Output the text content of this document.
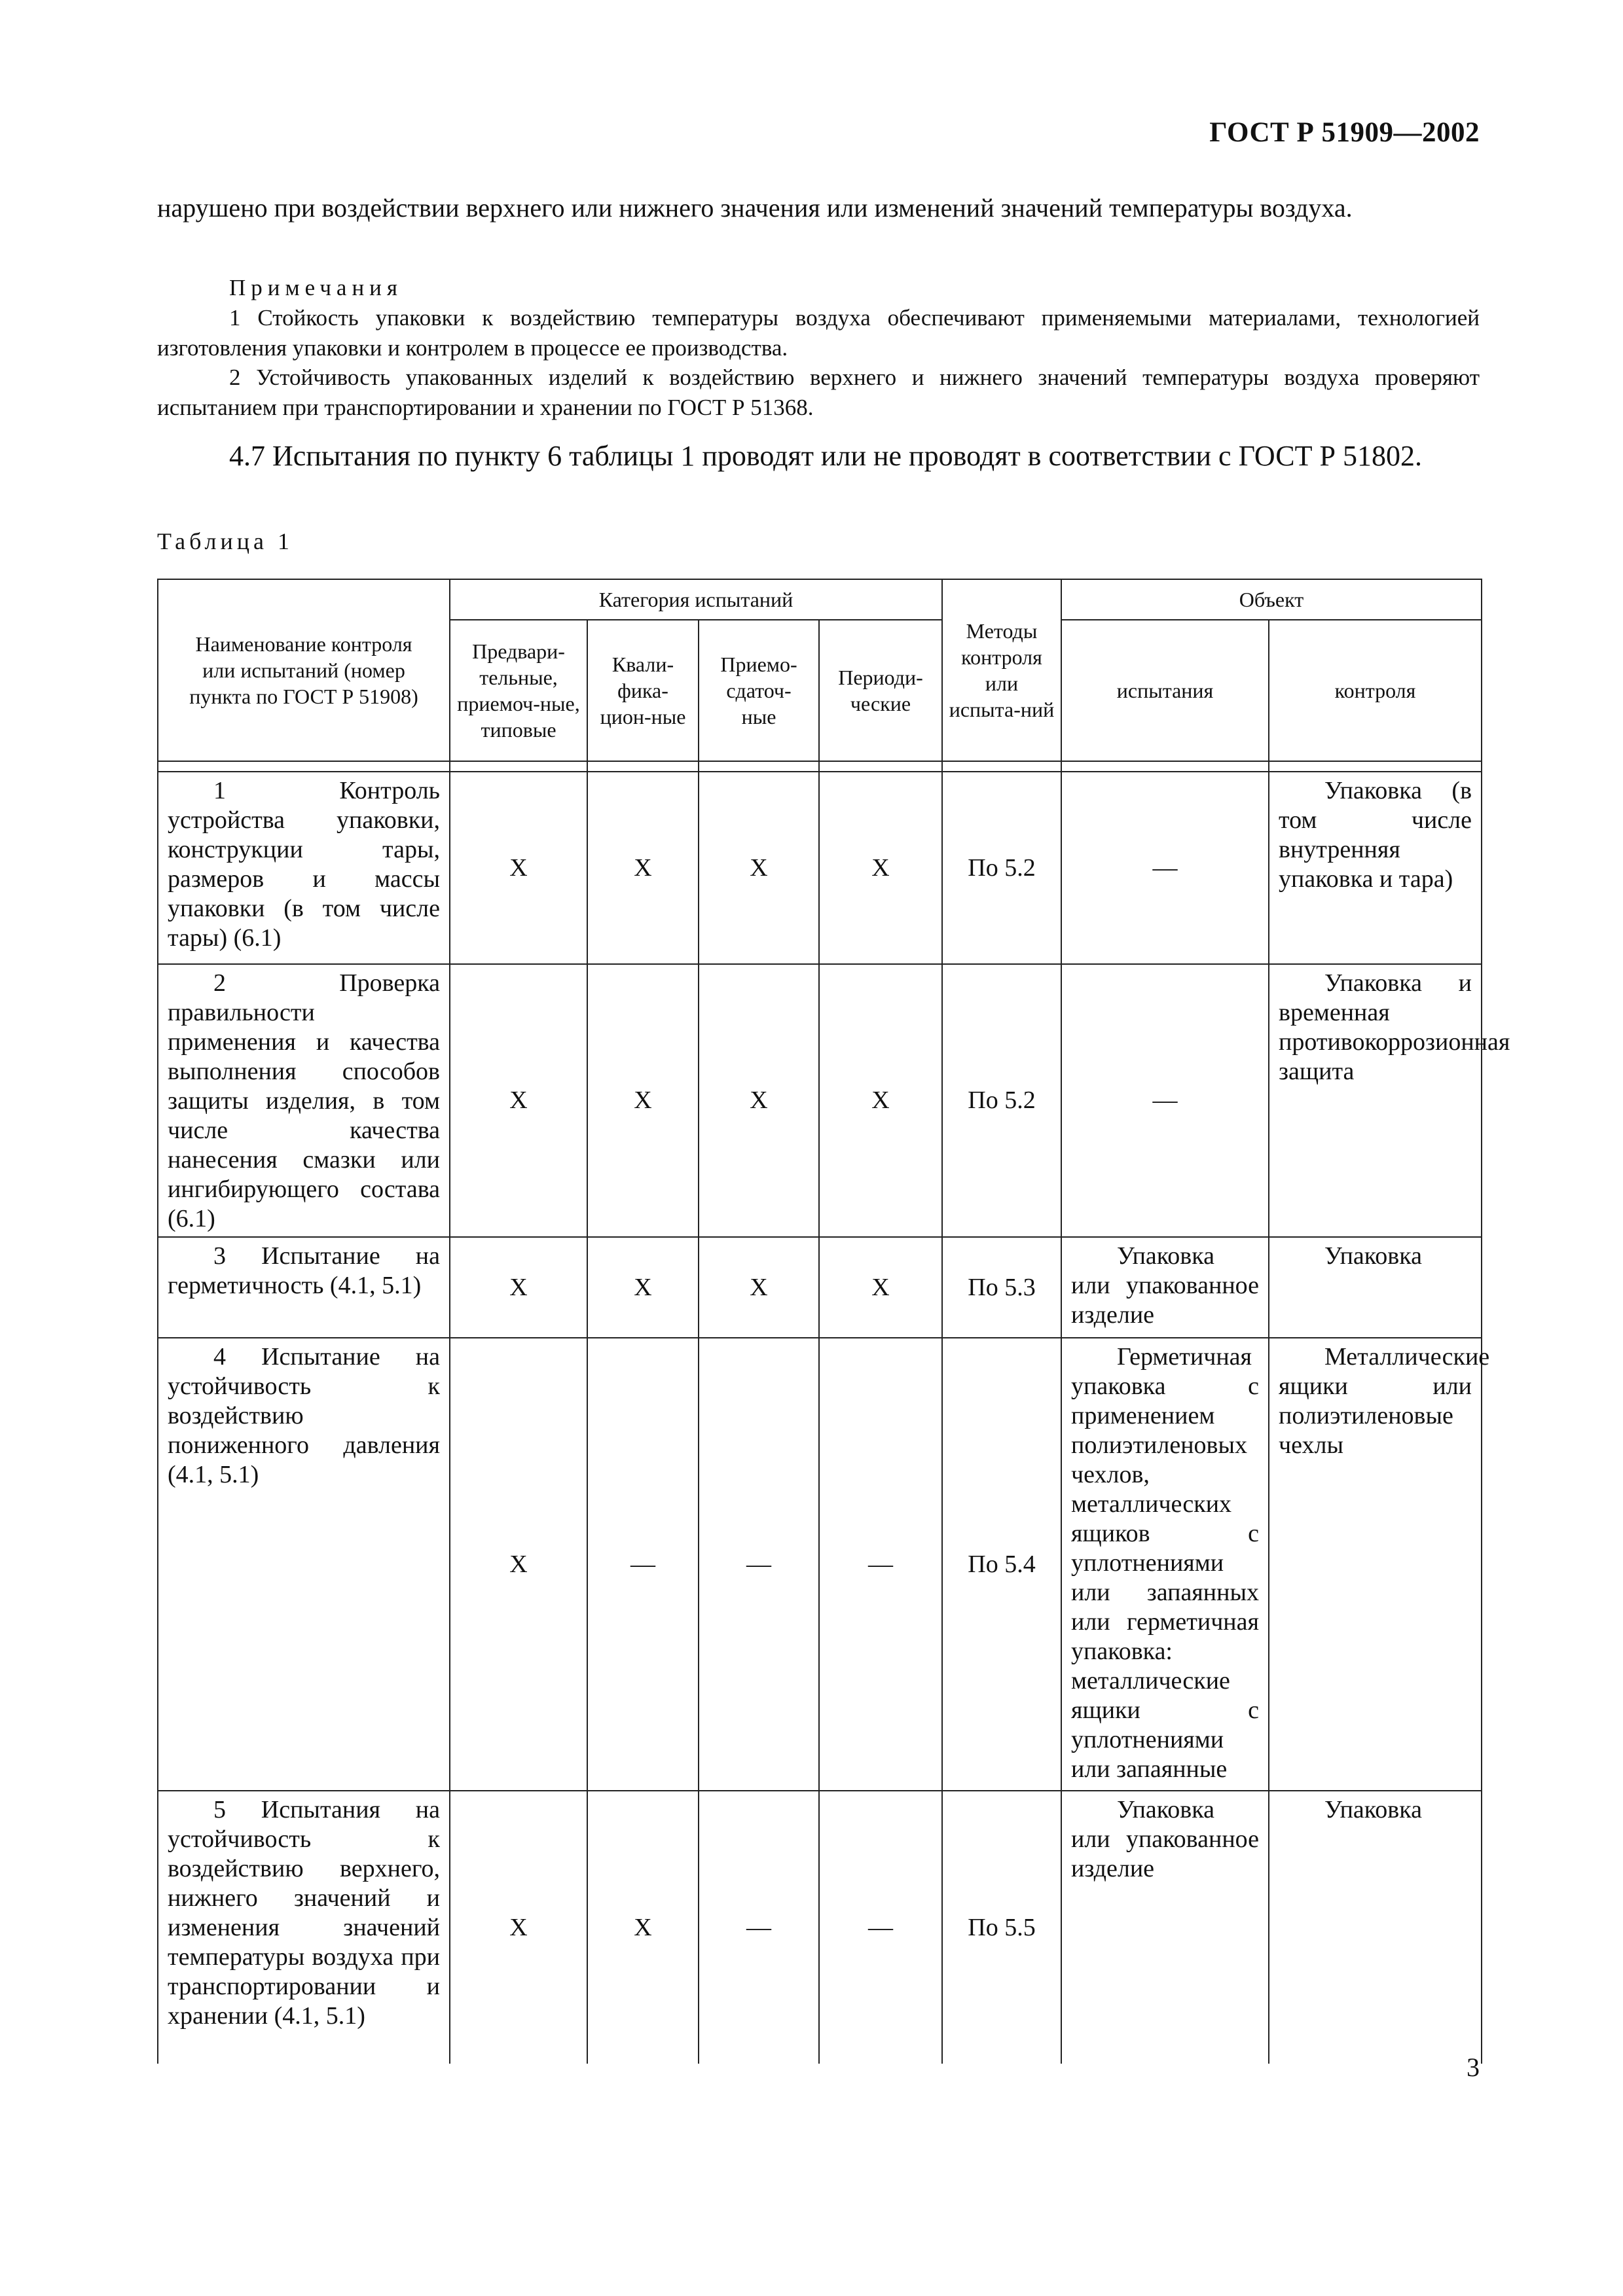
ГОСТ Р 51909—2002
нарушено при воздействии верхнего или нижнего значения или изменений значений температуры воздуха.
Примечания
1 Стойкость упаковки к воздействию температуры воздуха обеспечивают применяемыми материалами, технологией изготовления упаковки и контролем в процессе ее производства.
2 Устойчивость упакованных изделий к воздействию верхнего и нижнего значений температуры воздуха проверяют испытанием при транспортировании и хранении по ГОСТ Р 51368.
4.7 Испытания по пункту 6 таблицы 1 проводят или не проводят в соответствии с ГОСТ Р 51802.
Таблица 1
Наименование контроля или испытаний (номер пункта по ГОСТ Р 51908)	Категория испытаний				Методы контроля или испыта-ний	Объект	
	Предвари-тельные, приемоч-ные, типовые	Квали-фика-цион-ные	Приемо-сдаточ-ные	Периоди-ческие		испытания	контроля

1 Контроль устройства упаковки, конструкции тары, размеров и массы упаковки (в том числе тары) (6.1)	X	X	X	X	По 5.2	—	Упаковка (в том числе внутренняя упаковка и тара)
2 Проверка правильности применения и качества выполнения способов защиты изделия, в том числе качества нанесения смазки или ингибирующего состава (6.1)	X	X	X	X	По 5.2	—	Упаковка и временная противокоррозионная защита
3 Испытание на герметичность (4.1, 5.1)	X	X	X	X	По 5.3	Упаковка или упакованное изделие	Упаковка
4 Испытание на устойчивость к воздействию пониженного давления (4.1, 5.1)	X	—	—	—	По 5.4	Герметичная упаковка с применением полиэтиленовых чехлов, металлических ящиков с уплотнениями или запаянных или герметичная упаковка: металлические ящики с уплотнениями или запаянные	Металлические ящики или полиэтиленовые чехлы
5 Испытания на устойчивость к воздействию верхнего, нижнего значений и изменения значений температуры воздуха при транспортировании и хранении (4.1, 5.1)	X	X	—	—	По 5.5	Упаковка или упакованное изделие	Упаковка
3
